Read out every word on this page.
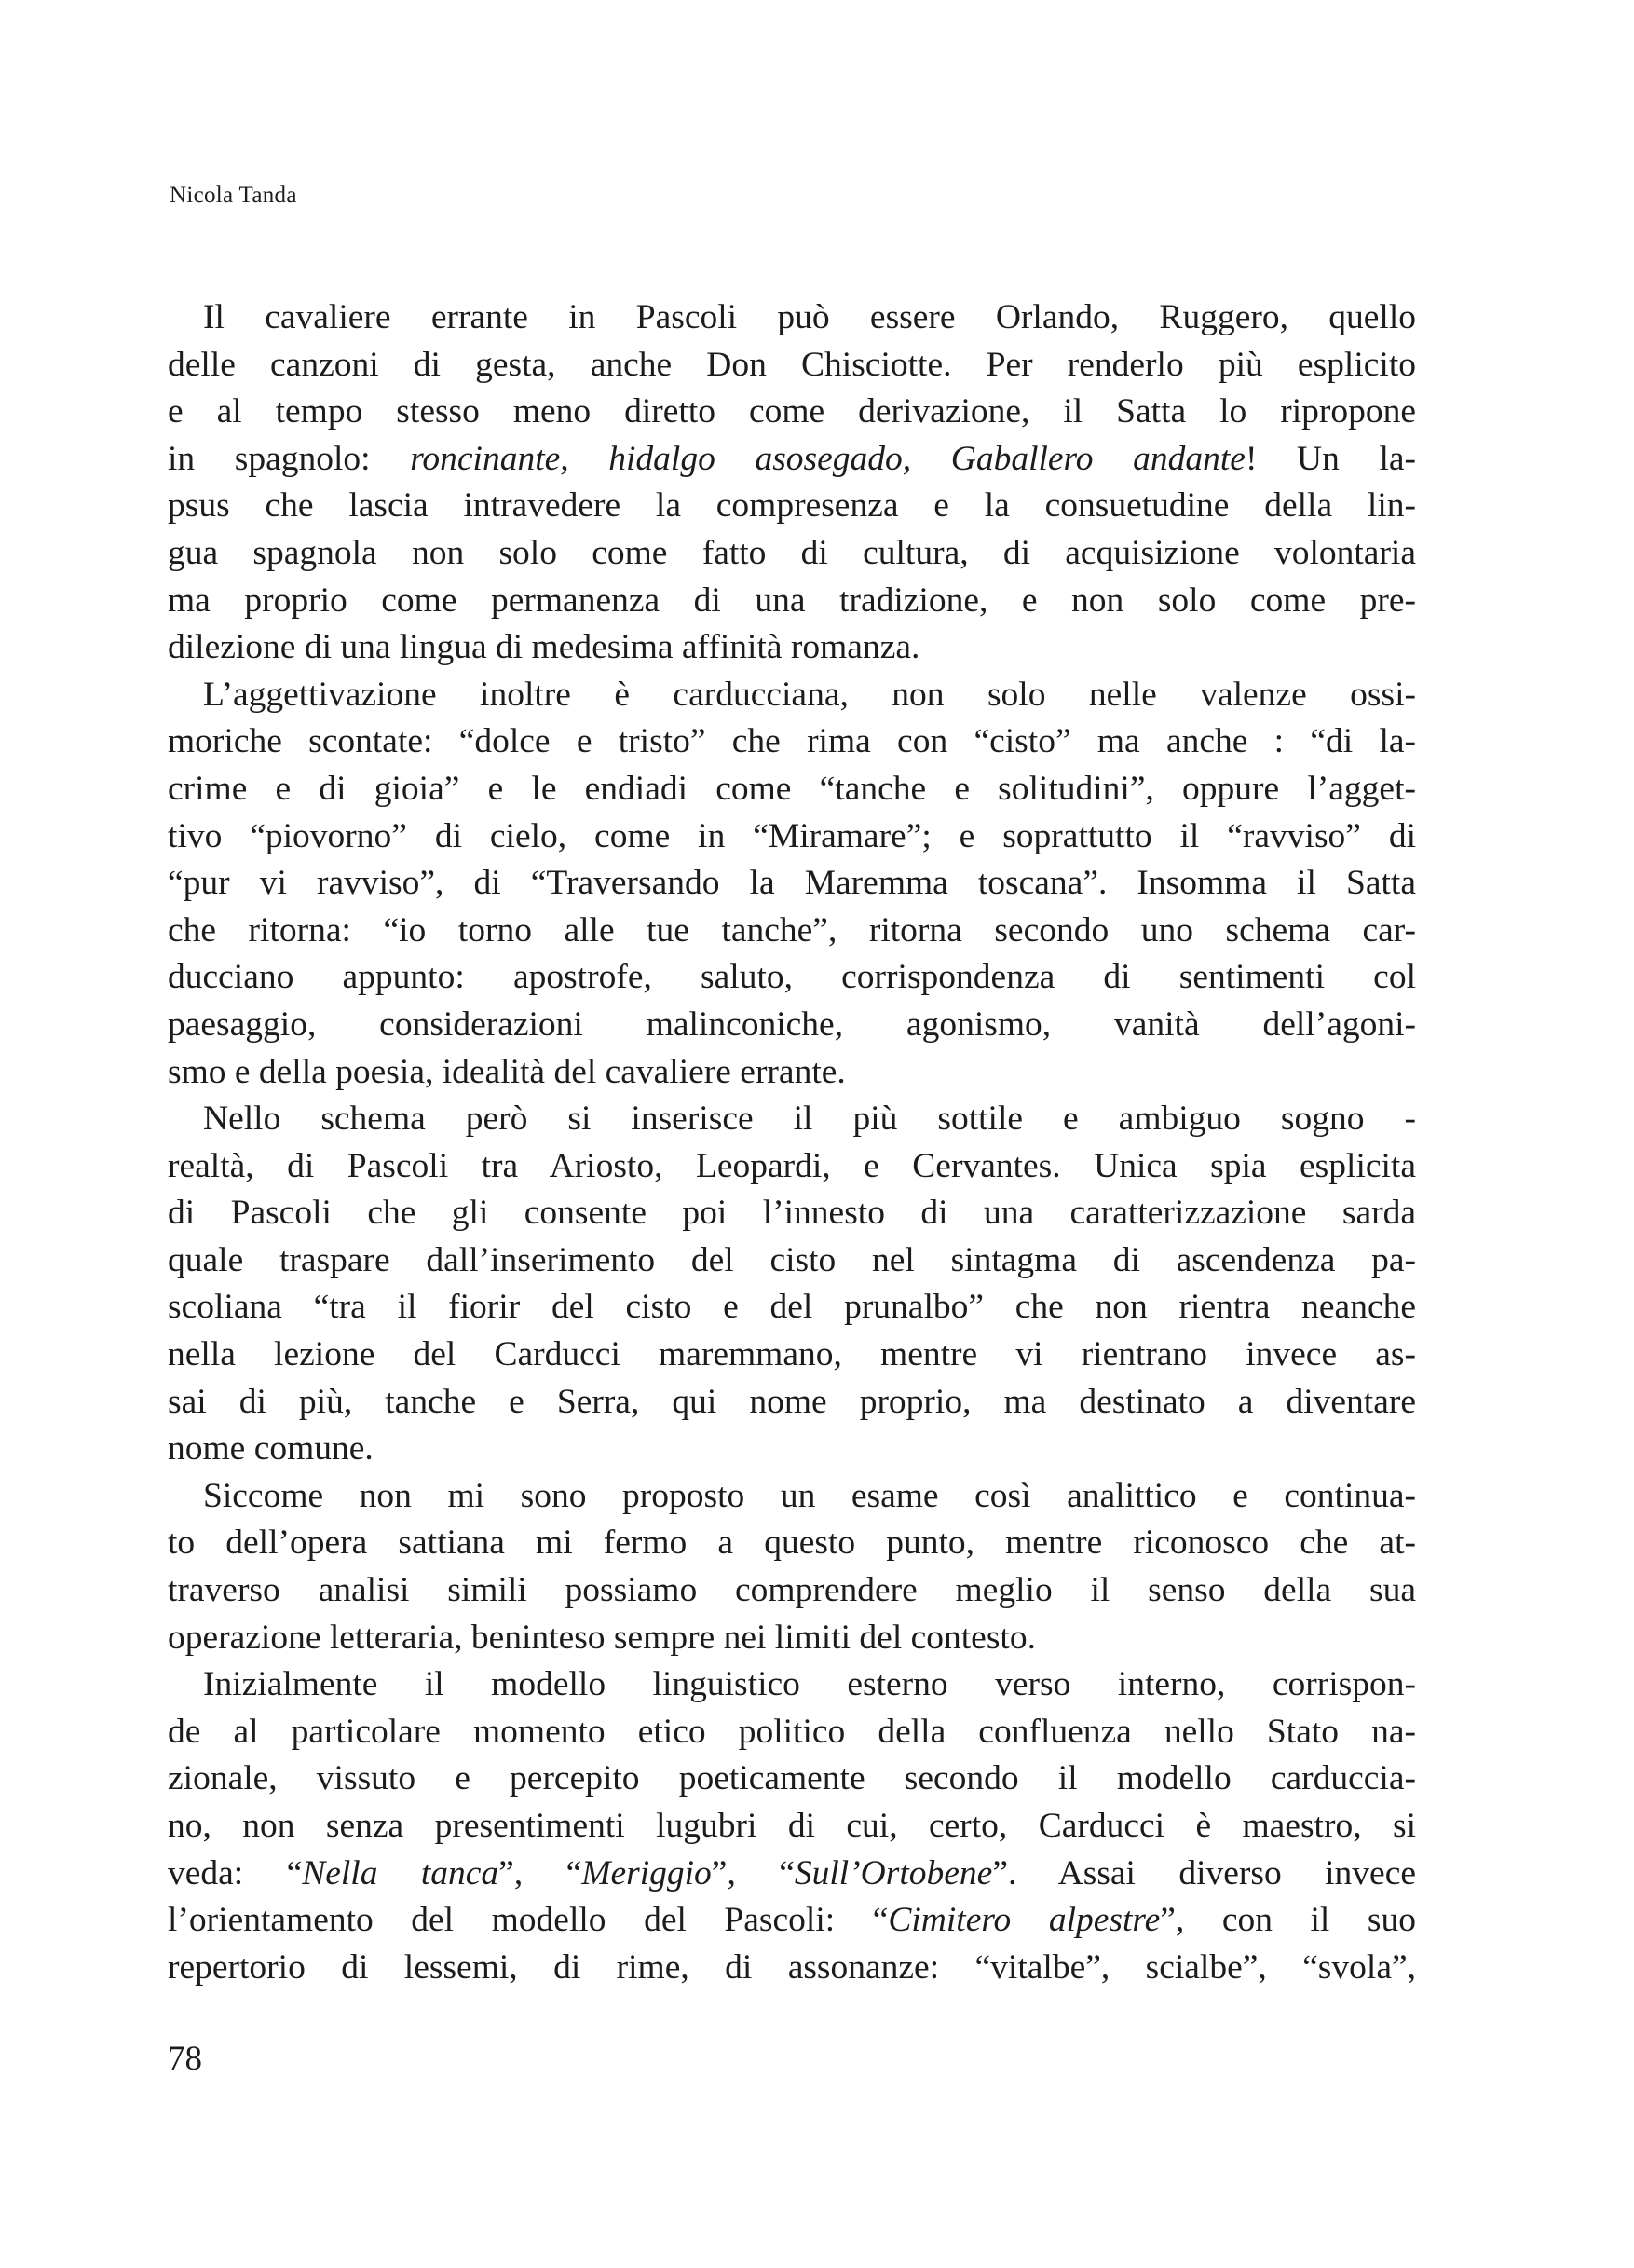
Nicola Tanda
Il cavaliere errante in Pascoli può essere Orlando, Ruggero, quello
delle canzoni di gesta, anche Don Chisciotte. Per renderlo più esplicito
e al tempo stesso meno diretto come derivazione, il Satta lo ripropone
in spagnolo: roncinante, hidalgo asosegado, Gaballero andante! Un la-
psus che lascia intravedere la compresenza e la consuetudine della lin-
gua spagnola non solo come fatto di cultura, di acquisizione volontaria
ma proprio come permanenza di una tradizione, e non solo come pre-
dilezione di una lingua di medesima affinità romanza.
L’aggettivazione inoltre è carducciana, non solo nelle valenze ossi-
moriche scontate: “dolce e tristo” che rima con “cisto” ma anche : “di la-
crime e di gioia” e le endiadi come “tanche e solitudini”, oppure l’agget-
tivo “piovorno” di cielo, come in “Miramare”; e soprattutto il “ravviso” di
“pur vi ravviso”, di “Traversando la Maremma toscana”. Insomma il Satta
che ritorna: “io torno alle tue tanche”, ritorna secondo uno schema car-
ducciano appunto: apostrofe, saluto, corrispondenza di sentimenti col
paesaggio, considerazioni malinconiche, agonismo, vanità dell’agoni-
smo e della poesia, idealità del cavaliere errante.
Nello schema però si inserisce il più sottile e ambiguo sogno -
realtà, di Pascoli tra Ariosto, Leopardi, e Cervantes. Unica spia esplicita
di Pascoli che gli consente poi l’innesto di una caratterizzazione sarda
quale traspare dall’inserimento del cisto nel sintagma di ascendenza pa-
scoliana “tra il fiorir del cisto e del prunalbo” che non rientra neanche
nella lezione del Carducci maremmano, mentre vi rientrano invece as-
sai di più, tanche e Serra, qui nome proprio, ma destinato a diventare
nome comune.
Siccome non mi sono proposto un esame così analittico e continua-
to dell’opera sattiana mi fermo a questo punto, mentre riconosco che at-
traverso analisi simili possiamo comprendere meglio il senso della sua
operazione letteraria, beninteso sempre nei limiti del contesto.
Inizialmente il modello linguistico esterno verso interno, corrispon-
de al particolare momento etico politico della confluenza nello Stato na-
zionale, vissuto e percepito poeticamente secondo il modello carduccia-
no, non senza presentimenti lugubri di cui, certo, Carducci è maestro, si
veda: “Nella tanca”, “Meriggio”, “Sull’Ortobene”. Assai diverso invece
l’orientamento del modello del Pascoli: “Cimitero alpestre”, con il suo
repertorio di lessemi, di rime, di assonanze: “vitalbe”, scialbe”, “svola”,
78
